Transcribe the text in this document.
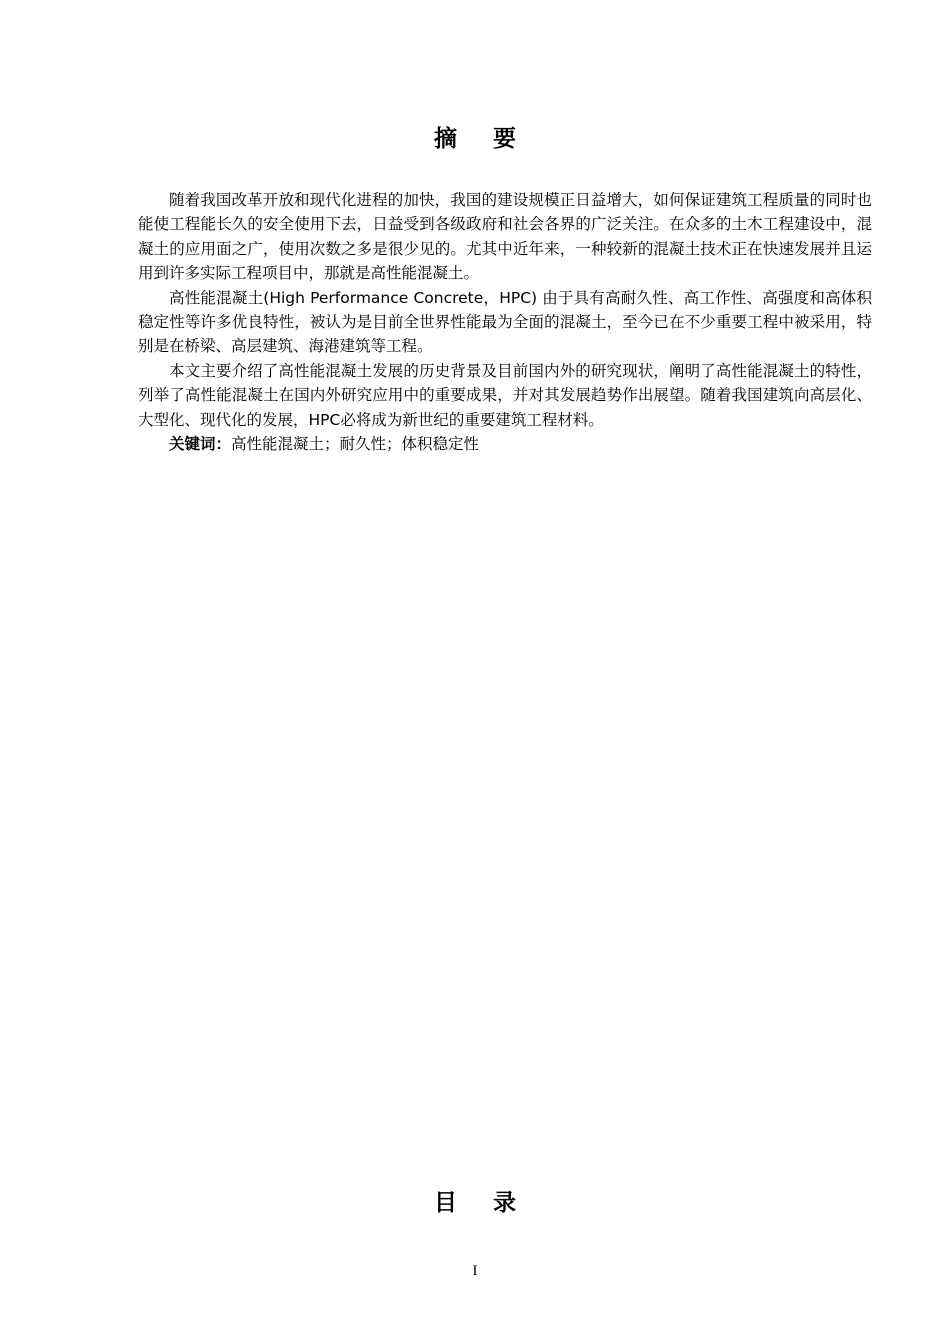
摘 要

随着我国改革开放和现代化进程的加快，我国的建设规模正日益增大，如何保证建筑工程质量的同时也能使工程能长久的安全使用下去，日益受到各级政府和社会各界的广泛关注。在众多的土木工程建设中，混凝土的应用面之广，使用次数之多是很少见的。尤其中近年来，一种较新的混凝土技术正在快速发展并且运用到许多实际工程项目中，那就是高性能混凝土。

高性能混凝土(High Performance Concrete，HPC) 由于具有高耐久性、高工作性、高强度和高体积稳定性等许多优良特性，被认为是目前全世界性能最为全面的混凝土，至今已在不少重要工程中被采用，特别是在桥梁、高层建筑、海港建筑等工程。

本文主要介绍了高性能混凝土发展的历史背景及目前国内外的研究现状，阐明了高性能混凝土的特性，列举了高性能混凝土在国内外研究应用中的重要成果，并对其发展趋势作出展望。随着我国建筑向高层化、大型化、现代化的发展，HPC必将成为新世纪的重要建筑工程材料。

关键词：高性能混凝土；耐久性；体积稳定性

目 录
I
